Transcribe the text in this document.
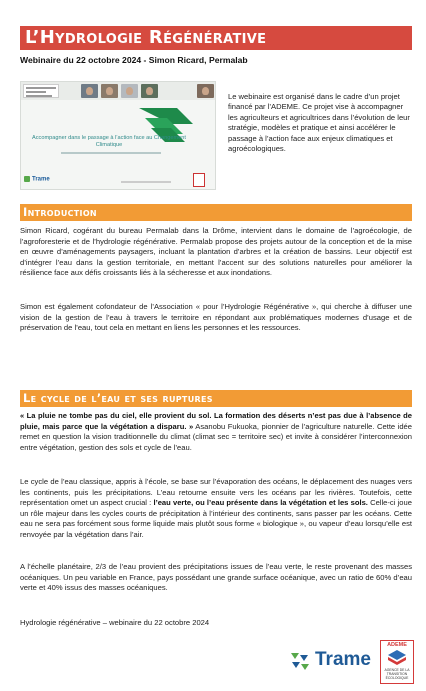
L’Hydrologie Régénérative
Webinaire du 22 octobre 2024 - Simon Ricard, Permalab
Accompagner dans le passage à l’action face au Changement Climatique
Trame
Le webinaire est organisé dans le cadre d’un projet financé par l’ADEME. Ce projet vise à accompagner les agriculteurs et agricultrices dans l’évolution de leur stratégie, modèles et pratique et ainsi accélérer le passage à l’action face aux enjeux climatiques et agroécologiques.
Introduction

Simon Ricard, cogérant du bureau Permalab dans la Drôme, intervient dans le domaine de l’agroécologie, de l’agroforesterie et de l’hydrologie régénérative. Permalab propose des projets autour de la conception et de la mise en œuvre d’aménagements paysagers, incluant la plantation d’arbres et la création de bassins. Leur objectif est d’intégrer l’eau dans la gestion territoriale, en mettant l’accent sur des solutions naturelles pour améliorer la résilience face aux défis croissants liés à la sécheresse et aux inondations.

Simon est également cofondateur de l’Association « pour l’Hydrologie Régénérative », qui cherche à diffuser une vision de la gestion de l’eau à travers le territoire en répondant aux problématiques modernes d’usage et de préservation de l’eau, tout cela en mettant en liens les personnes et les ressources.

Le cycle de l’eau et ses ruptures

« La pluie ne tombe pas du ciel, elle provient du sol. La formation des déserts n’est pas due à l’absence de pluie, mais parce que la végétation a disparu. » Asanobu Fukuoka, pionnier de l’agriculture naturelle. Cette idée remet en question la vision traditionnelle du climat (climat sec = territoire sec) et invite à considérer l’interconnexion entre végétation, gestion des sols et cycle de l’eau.

Le cycle de l’eau classique, appris à l’école, se base sur l’évaporation des océans, le déplacement des nuages vers les continents, puis les précipitations. L’eau retourne ensuite vers les océans par les rivières. Toutefois, cette représentation omet un aspect crucial : l’eau verte, ou l’eau présente dans la végétation et les sols. Celle-ci joue un rôle majeur dans les cycles courts de précipitation à l’intérieur des continents, sans passer par les océans. Cette eau ne sera pas forcément sous forme liquide mais plutôt sous forme « biologique », ou vapeur d’eau lorsqu’elle est renvoyée par la végétation dans l’air.

A l’échelle planétaire, 2/3 de l’eau provient des précipitations issues de l’eau verte, le reste provenant des masses océaniques. Un peu variable en France, pays possédant une grande surface océanique, avec un ratio de 60% d’eau verte et 40% issus des masses océaniques.

Hydrologie régénérative – webinaire du 22 octobre 2024
Trame
ADEME
AGENCE DE LA TRANSITION ÉCOLOGIQUE
